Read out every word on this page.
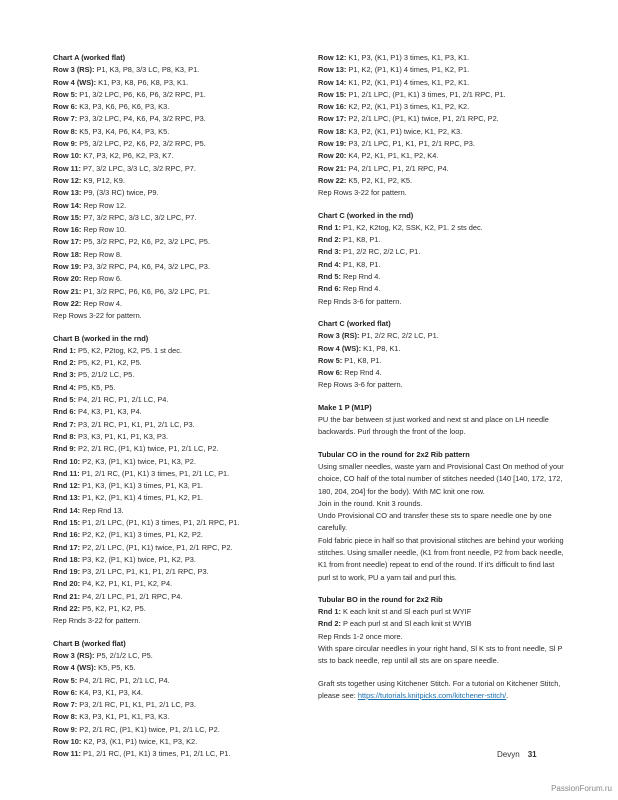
Chart A (worked flat)
Row 3 (RS): P1, K3, P8, 3/3 LC, P8, K3, P1.
Row 4 (WS): K1, P3, K8, P6, K8, P3, K1.
Row 5: P1, 3/2 LPC, P6, K6, P6, 3/2 RPC, P1.
Row 6: K3, P3, K6, P6, K6, P3, K3.
Row 7: P3, 3/2 LPC, P4, K6, P4, 3/2 RPC, P3.
Row 8: K5, P3, K4, P6, K4, P3, K5.
Row 9: P5, 3/2 LPC, P2, K6, P2, 3/2 RPC, P5.
Row 10: K7, P3, K2, P6, K2, P3, K7.
Row 11: P7, 3/2 LPC, 3/3 LC, 3/2 RPC, P7.
Row 12: K9, P12, K9.
Row 13: P9, (3/3 RC) twice, P9.
Row 14: Rep Row 12.
Row 15: P7, 3/2 RPC, 3/3 LC, 3/2 LPC, P7.
Row 16: Rep Row 10.
Row 17: P5, 3/2 RPC, P2, K6, P2, 3/2 LPC, P5.
Row 18: Rep Row 8.
Row 19: P3, 3/2 RPC, P4, K6, P4, 3/2 LPC, P3.
Row 20: Rep Row 6.
Row 21: P1, 3/2 RPC, P6, K6, P6, 3/2 LPC, P1.
Row 22: Rep Row 4.
Rep Rows 3-22 for pattern.
Chart B (worked in the rnd)
Rnd 1: P5, K2, P2tog, K2, P5. 1 st dec.
Rnd 2: P5, K2, P1, K2, P5.
Rnd 3: P5, 2/1/2 LC, P5.
Rnd 4: P5, K5, P5.
Rnd 5: P4, 2/1 RC, P1, 2/1 LC, P4.
Rnd 6: P4, K3, P1, K3, P4.
Rnd 7: P3, 2/1 RC, P1, K1, P1, 2/1 LC, P3.
Rnd 8: P3, K3, P1, K1, P1, K3, P3.
Rnd 9: P2, 2/1 RC, (P1, K1) twice, P1, 2/1 LC, P2.
Rnd 10: P2, K3, (P1, K1) twice, P1, K3, P2.
Rnd 11: P1, 2/1 RC, (P1, K1) 3 times, P1, 2/1 LC, P1.
Rnd 12: P1, K3, (P1, K1) 3 times, P1, K3, P1.
Rnd 13: P1, K2, (P1, K1) 4 times, P1, K2, P1.
Rnd 14: Rep Rnd 13.
Rnd 15: P1, 2/1 LPC, (P1, K1) 3 times, P1, 2/1 RPC, P1.
Rnd 16: P2, K2, (P1, K1) 3 times, P1, K2, P2.
Rnd 17: P2, 2/1 LPC, (P1, K1) twice, P1, 2/1 RPC, P2.
Rnd 18: P3, K2, (P1, K1) twice, P1, K2, P3.
Rnd 19: P3, 2/1 LPC, P1, K1, P1, 2/1 RPC, P3.
Rnd 20: P4, K2, P1, K1, P1, K2, P4.
Rnd 21: P4, 2/1 LPC, P1, 2/1 RPC, P4.
Rnd 22: P5, K2, P1, K2, P5.
Rep Rnds 3-22 for pattern.
Chart B (worked flat)
Row 3 (RS): P5, 2/1/2 LC, P5.
Row 4 (WS): K5, P5, K5.
Row 5: P4, 2/1 RC, P1, 2/1 LC, P4.
Row 6: K4, P3, K1, P3, K4.
Row 7: P3, 2/1 RC, P1, K1, P1, 2/1 LC, P3.
Row 8: K3, P3, K1, P1, K1, P3, K3.
Row 9: P2, 2/1 RC, (P1, K1) twice, P1, 2/1 LC, P2.
Row 10: K2, P3, (K1, P1) twice, K1, P3, K2.
Row 11: P1, 2/1 RC, (P1, K1) 3 times, P1, 2/1 LC, P1.
Row 12: K1, P3, (K1, P1) 3 times, K1, P3, K1.
Row 13: P1, K2, (P1, K1) 4 times, P1, K2, P1.
Row 14: K1, P2, (K1, P1) 4 times, K1, P2, K1.
Row 15: P1, 2/1 LPC, (P1, K1) 3 times, P1, 2/1 RPC, P1.
Row 16: K2, P2, (K1, P1) 3 times, K1, P2, K2.
Row 17: P2, 2/1 LPC, (P1, K1) twice, P1, 2/1 RPC, P2.
Row 18: K3, P2, (K1, P1) twice, K1, P2, K3.
Row 19: P3, 2/1 LPC, P1, K1, P1, 2/1 RPC, P3.
Row 20: K4, P2, K1, P1, K1, P2, K4.
Row 21: P4, 2/1 LPC, P1, 2/1 RPC, P4.
Row 22: K5, P2, K1, P2, K5.
Rep Rows 3-22 for pattern.
Chart C (worked in the rnd)
Rnd 1: P1, K2, K2tog, K2, SSK, K2, P1. 2 sts dec.
Rnd 2: P1, K8, P1.
Rnd 3: P1, 2/2 RC, 2/2 LC, P1.
Rnd 4: P1, K8, P1.
Rnd 5: Rep Rnd 4.
Rnd 6: Rep Rnd 4.
Rep Rnds 3-6 for pattern.
Chart C (worked flat)
Row 3 (RS): P1, 2/2 RC, 2/2 LC, P1.
Row 4 (WS): K1, P8, K1.
Row 5: P1, K8, P1.
Row 6: Rep Rnd 4.
Rep Rows 3-6 for pattern.
Make 1 P (M1P)
PU the bar between st just worked and next st and place on LH needle backwards. Purl through the front of the loop.
Tubular CO in the round for 2x2 Rib pattern
Using smaller needles, waste yarn and Provisional Cast On method of your choice, CO half of the total number of stitches needed (140 [140, 172, 172, 180, 204, 204] for the body). With MC knit one row.
Join in the round. Knit 3 rounds.
Undo Provisional CO and transfer these sts to spare needle one by one carefully.
Fold fabric piece in half so that provisional stitches are behind your working stitches. Using smaller needle, (K1 from front needle, P2 from back needle, K1 from front needle) repeat to end of the round. If it's difficult to find last purl st to work, PU a yarn tail and purl this.
Tubular BO in the round for 2x2 Rib
Rnd 1: K each knit st and Sl each purl st WYIF
Rnd 2: P each purl st and Sl each knit st WYIB
Rep Rnds 1-2 once more.
With spare circular needles in your right hand, Sl K sts to front needle, Sl P sts to back needle, rep until all sts are on spare needle.
Graft sts together using Kitchener Stitch. For a tutorial on Kitchener Stitch, please see: https://tutorials.knitpicks.com/kitchener-stitch/.
Devyn 31
PassionForum.ru
